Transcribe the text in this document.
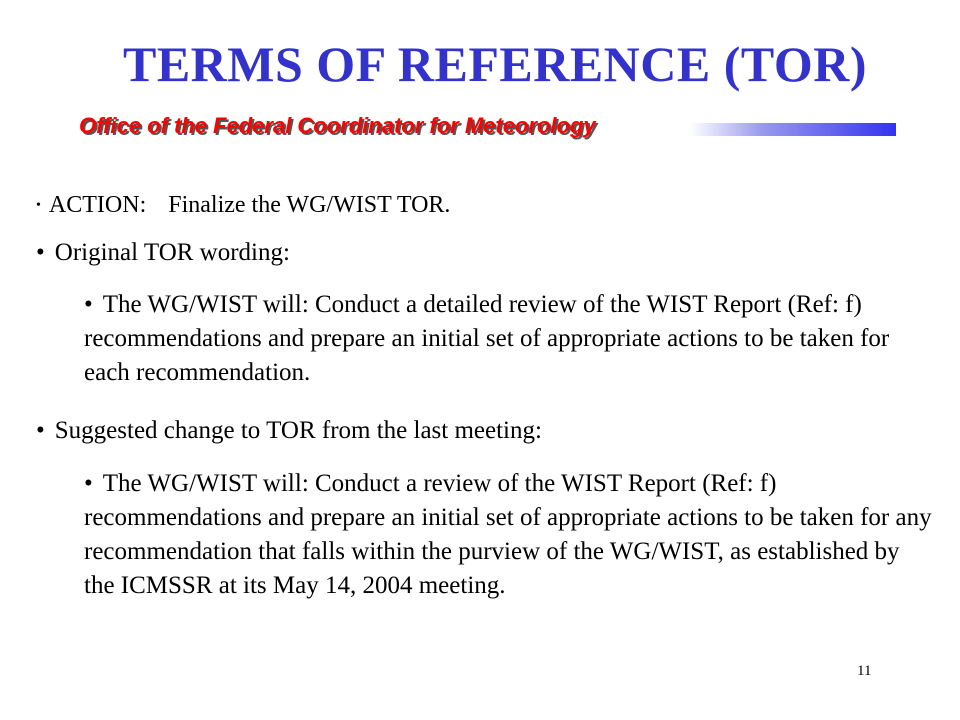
TERMS OF REFERENCE (TOR)
Office of the Federal Coordinator for Meteorology
• ACTION: Finalize the WG/WIST TOR.
• Original TOR wording:
• The WG/WIST will: Conduct a detailed review of the WIST Report (Ref: f) recommendations and prepare an initial set of appropriate actions to be taken for each recommendation.
• Suggested change to TOR from the last meeting:
• The WG/WIST will: Conduct a review of the WIST Report (Ref: f) recommendations and prepare an initial set of appropriate actions to be taken for any recommendation that falls within the purview of the WG/WIST, as established by the ICMSSR at its May 14, 2004 meeting.
11
